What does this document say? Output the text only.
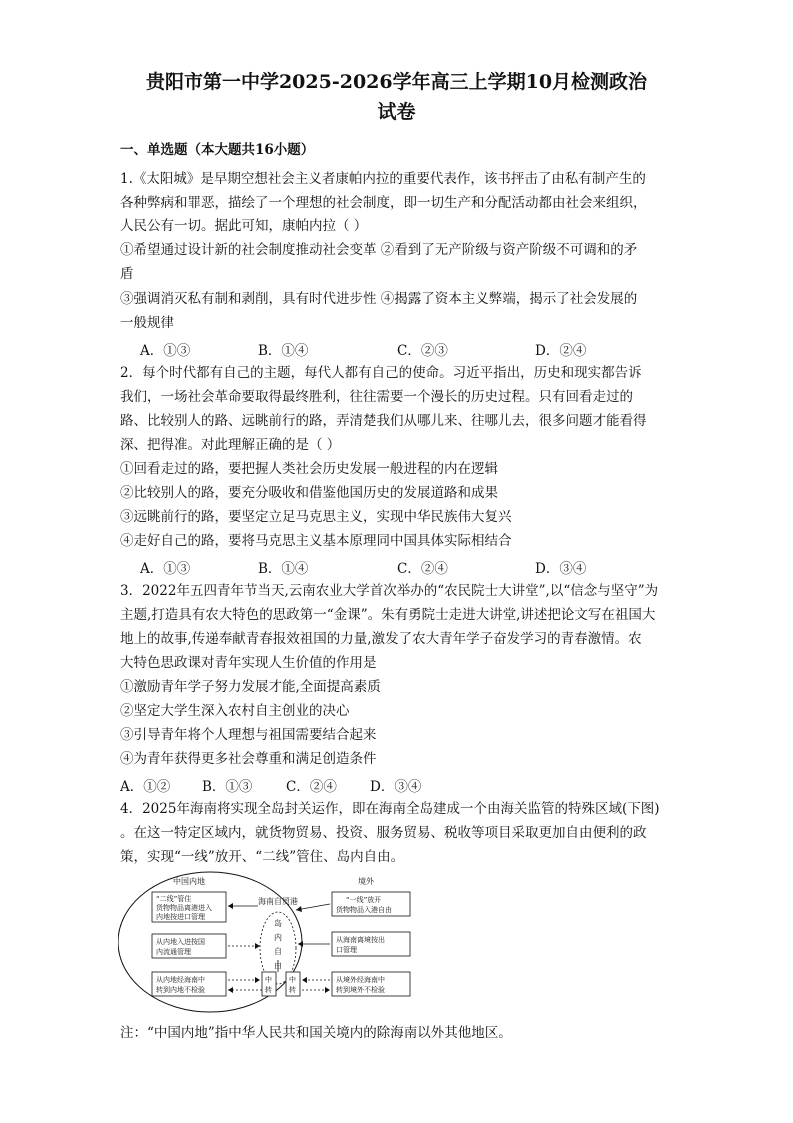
贵阳市第一中学2025-2026学年高三上学期10月检测政治
试卷
一、单选题（本大题共16小题）
1.《太阳城》是早期空想社会主义者康帕内拉的重要代表作，该书抨击了由私有制产生的
各种弊病和罪恶，描绘了一个理想的社会制度，即一切生产和分配活动都由社会来组织，
人民公有一切。据此可知，康帕内拉（ ）
①希望通过设计新的社会制度推动社会变革 ②看到了无产阶级与资产阶级不可调和的矛
盾
③强调消灭私有制和剥削，具有时代进步性 ④揭露了资本主义弊端，揭示了社会发展的
一般规律
A．①③	B．①④	C．②③	D．②④
2．每个时代都有自己的主题，每代人都有自己的使命。习近平指出，历史和现实都告诉
我们，一场社会革命要取得最终胜利，往往需要一个漫长的历史过程。只有回看走过的
路、比较别人的路、远眺前行的路，弄清楚我们从哪儿来、往哪儿去，很多问题才能看得
深、把得准。对此理解正确的是（ ）
①回看走过的路，要把握人类社会历史发展一般进程的内在逻辑
②比较别人的路，要充分吸收和借鉴他国历史的发展道路和成果
③远眺前行的路，要坚定立足马克思主义，实现中华民族伟大复兴
④走好自己的路，要将马克思主义基本原理同中国具体实际相结合
A．①③	B．①④	C．②④	D．③④
3．2022年五四青年节当天,云南农业大学首次举办的“农民院士大讲堂”,以“信念与坚守”为
主题,打造具有农大特色的思政第一“金课”。朱有勇院士走进大讲堂,讲述把论文写在祖国大
地上的故事,传递奉献青春报效祖国的力量,激发了农大青年学子奋发学习的青春激情。农
大特色思政课对青年实现人生价值的作用是
①激励青年学子努力发展才能,全面提高素质
②坚定大学生深入农村自主创业的决心
③引导青年将个人理想与祖国需要结合起来
④为青年获得更多社会尊重和满足创造条件
A．①② B．①③ C．②④ D．③④
4．2025年海南将实现全岛封关运作，即在海南全岛建成一个由海关监管的特殊区域(下图)
。在这一特定区域内，就货物贸易、投资、服务贸易、税收等项目采取更加自由便利的政
策，实现“一线”放开、“二线”管住、岛内自由。
中国内地	境外
海南自贸港
岛
内
自
由
“二线”管住
货物物品离港进入
内地按进口管理
从内地入进按国
内流通管理
从内地经海南中
转到内地不检验
“一线”放开
货物物品入港自由
从海南离境按出
口管理
从境外经海南中
转到境外不检验
中
转
中
转
注：“中国内地”指中华人民共和国关境内的除海南以外其他地区。
